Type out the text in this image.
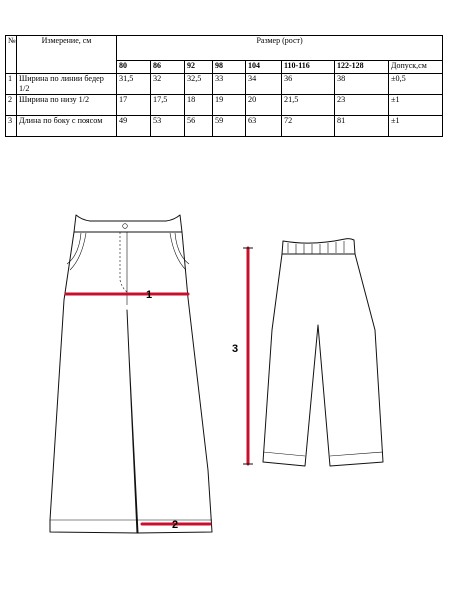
№	Измерение, см	Размер (рост)							
		80	86	92	98	104	110-116	122-128	Допуск,см
1	Ширина по линии бедер 1/2	31,5	32	32,5	33	34	36	38	±0,5
2	Ширина по низу 1/2	17	17,5	18	19	20	21,5	23	±1
3	Длина по боку с поясом	49	53	56	59	63	72	81	±1
1
2
3
